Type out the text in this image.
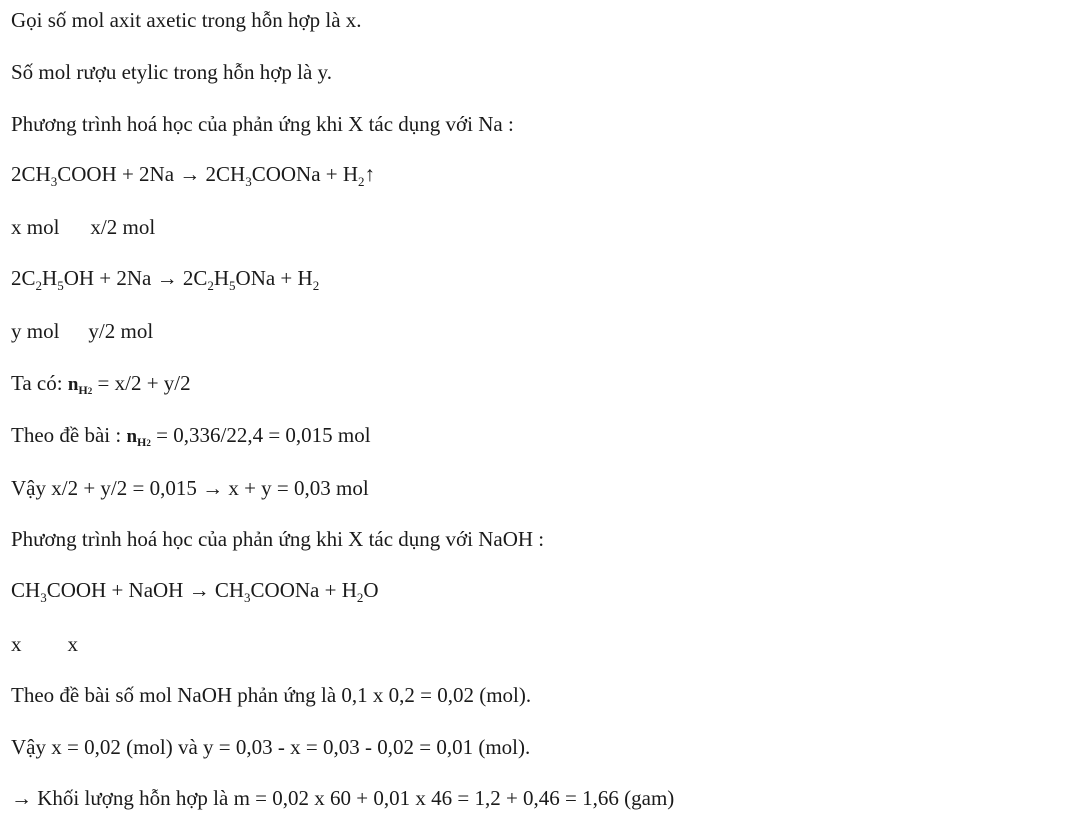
Gọi số mol axit axetic trong hỗn hợp là x.
Số mol rượu etylic trong hỗn hợp là y.
Phương trình hoá học của phản ứng khi X tác dụng với Na :
$2CH_3COOH + 2Na$ → $2CH_3COONa$ + $H_2↑$
x mol x/2 mol
$2C_2H_5OH + 2Na \to 2C_2H_5ONa + H_2$
y mol y/2 mol
Ta có: nH2 = x/2 + y/2
Theo đề bài : nH2 = 0,336/22,4 = 0,015 mol
Vậy x/2 + y/2 = 0,015 → x + y = 0,03 mol
Phương trình hoá học của phản ứng khi X tác dụng với NaOH :
$CH_3COOH$ + NaOH → $CH_3COONa + H_2O$
x x
Theo đề bài số mol NaOH phản ứng là 0,1 x 0,2 = 0,02 (mol).
Vậy x = 0,02 (mol) và y = 0,03 - x = 0,03 - 0,02 = 0,01 (mol).
→ Khối lượng hỗn hợp là m = 0,02 x 60 + 0,01 x 46 = 1,2 + 0,46 = 1,66 (gam)
